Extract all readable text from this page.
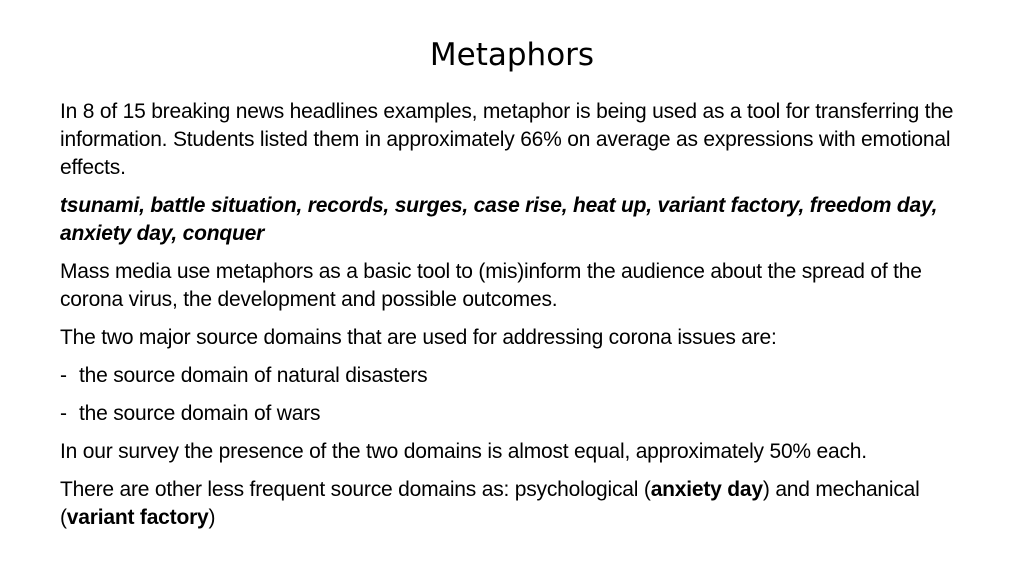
Metaphors

In 8 of 15 breaking news headlines examples, metaphor is being used as a tool for transferring the information. Students listed them in approximately 66% on average as expressions with emotional effects.

tsunami, battle situation, records, surges, case rise, heat up, variant factory, freedom day, anxiety day, conquer

Mass media use metaphors as a basic tool to (mis)inform the audience about the spread of the corona virus, the development and possible outcomes.

The two major source domains that are used for addressing corona issues are:

- the source domain of natural disasters
- the source domain of wars

In our survey the presence of the two domains is almost equal, approximately 50% each.

There are other less frequent source domains as: psychological (anxiety day) and mechanical (variant factory)
